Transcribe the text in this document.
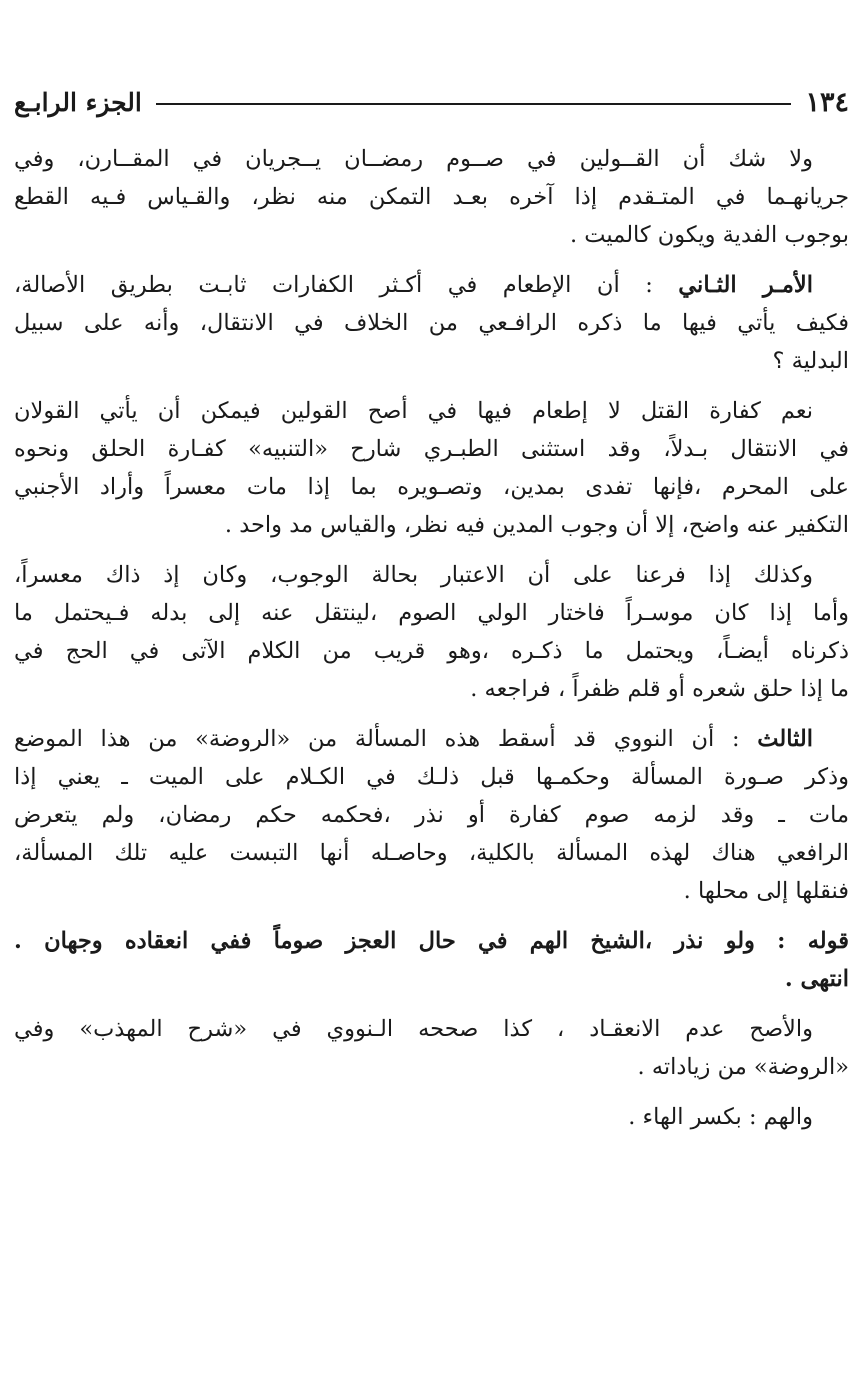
١٣٤
الجزء الرابـع
ولا شك أن القــولين في صــوم رمضــان يــجريان في المقــارن، وفي
جريانهـما في المتـقدم إذا آخره بعـد التمكن منه نظر، والقـياس فـيه القطع
بوجوب الفدية ويكون كالميت .
الأمـر الثـاني : أن الإطعام في أكـثر الكفارات ثابـت بطريق الأصالة،
فكيف يأتي فيها ما ذكره الرافـعي من الخلاف في الانتقال، وأنه على سبيل
البدلية ؟
نعم كفارة القتل لا إطعام فيها في أصح القولين فيمكن أن يأتي القولان
في الانتقال بـدلاً، وقد استثنى الطبـري شارح «التنبيه» كفـارة الحلق ونحوه
على المحرم ،فإنها تفدى بمدين، وتصـويره بما إذا مات معسراً وأراد الأجنبي
التكفير عنه واضح، إلا أن وجوب المدين فيه نظر، والقياس مد واحد .
وكذلك إذا فرعنا على أن الاعتبار بحالة الوجوب، وكان إذ ذاك معسراً،
وأما إذا كان موسـراً فاختار الولي الصوم ،لينتقل عنه إلى بدله فـيحتمل ما
ذكرناه أيضـاً، ويحتمل ما ذكـره ،وهو قريب من الكلام الآتى في الحج في
ما إذا حلق شعره أو قلم ظفراً ، فراجعه .
الثالث : أن النووي قد أسقط هذه المسألة من «الروضة» من هذا الموضع
وذكر صـورة المسألة وحكمـها قبل ذلـك في الكـلام على الميت ـ يعني إذا
مات ـ وقد لزمه صوم كفارة أو نذر ،فحكمه حكم رمضان، ولم يتعرض
الرافعي هناك لهذه المسألة بالكلية، وحاصـله أنها التبست عليه تلك المسألة،
فنقلها إلى محلها .
قوله : ولو نذر ،الشيخ الهم في حال العجز صوماً ففي انعقاده وجهان .
انتهى .
والأصح عدم الانعقـاد ، كذا صححه الـنووي في «شرح المهذب» وفي
«الروضة» من زياداته .
والهم : بكسر الهاء .
